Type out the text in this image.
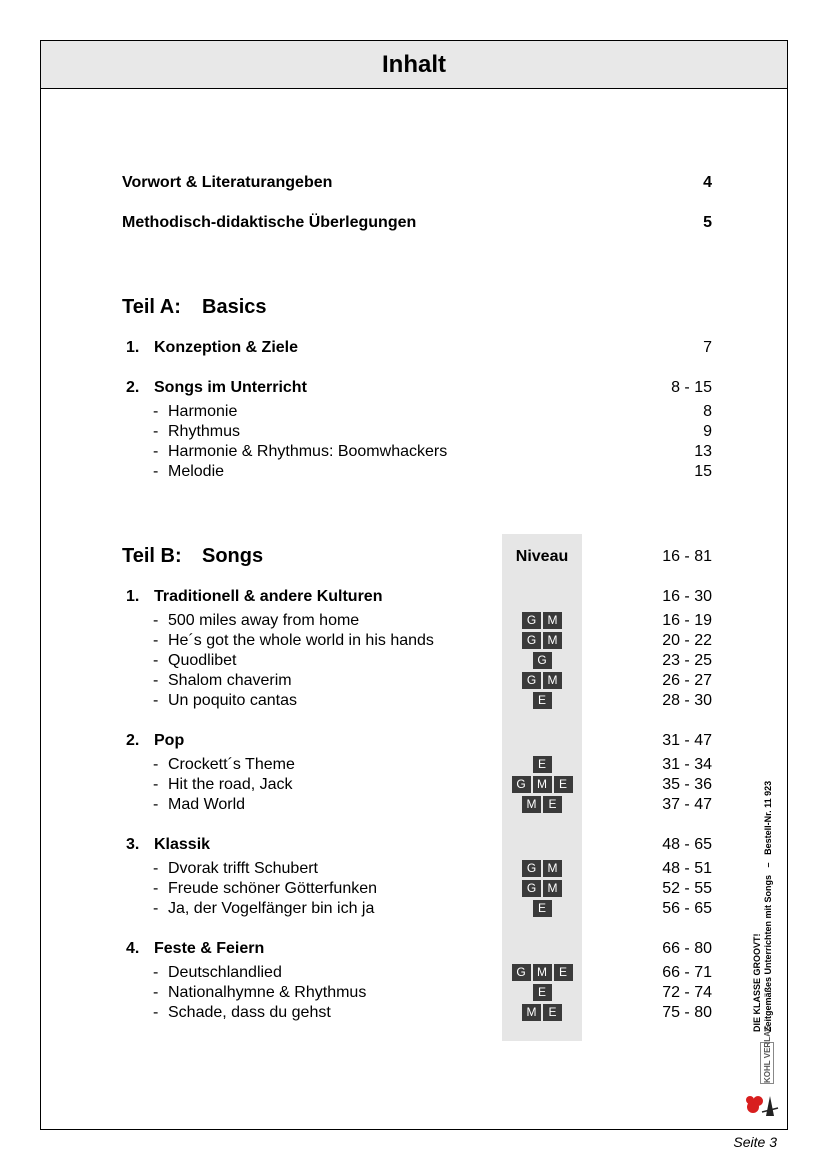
Inhalt
Vorwort & Literaturangeben	4
Methodisch-didaktische Überlegungen	5
Teil A: Basics
1. Konzeption & Ziele	7
2. Songs im Unterricht	8 - 15
- Harmonie	8
- Rhythmus	9
- Harmonie & Rhythmus: Boomwhackers	13
- Melodie	15
Teil B: Songs	Niveau	16 - 81
1. Traditionell & andere Kulturen	16 - 30
- 500 miles away from home	G M	16 - 19
- He´s got the whole world in his hands	G M	20 - 22
- Quodlibet	G	23 - 25
- Shalom chaverim	G M	26 - 27
- Un poquito cantas	E	28 - 30
2. Pop	31 - 47
- Crockett´s Theme	E	31 - 34
- Hit the road, Jack	G M E	35 - 36
- Mad World	M E	37 - 47
3. Klassik	48 - 65
- Dvorak trifft Schubert	G M	48 - 51
- Freude schöner Götterfunken	G M	52 - 55
- Ja, der Vogelfänger bin ich ja	E	56 - 65
4. Feste & Feiern	66 - 80
- Deutschlandlied	G M E	66 - 71
- Nationalhymne & Rhythmus	E	72 - 74
- Schade, dass du gehst	M E	75 - 80	DIE KLASSE GROOVT! Zeitgemäßes Unterrichten mit Songs   –   Bestell-Nr. 11 923
KOHL VERLAG
Seite 3
